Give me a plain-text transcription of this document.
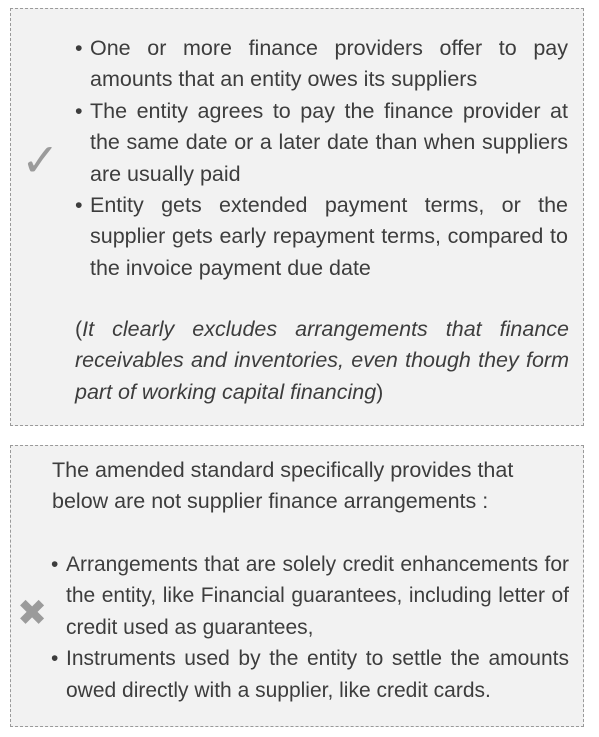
✓
• One or more finance providers offer to pay amounts that an entity owes its suppliers
• The entity agrees to pay the finance provider at the same date or a later date than when suppliers are usually paid
• Entity gets extended payment terms, or the supplier gets early repayment terms, compared to the invoice payment due date

(It clearly excludes arrangements that finance receivables and inventories, even though they form part of working capital financing)

✖

The amended standard specifically provides that below are not supplier finance arrangements :

• Arrangements that are solely credit enhancements for the entity, like Financial guarantees, including letter of credit used as guarantees,
• Instruments used by the entity to settle the amounts owed directly with a supplier, like credit cards.
